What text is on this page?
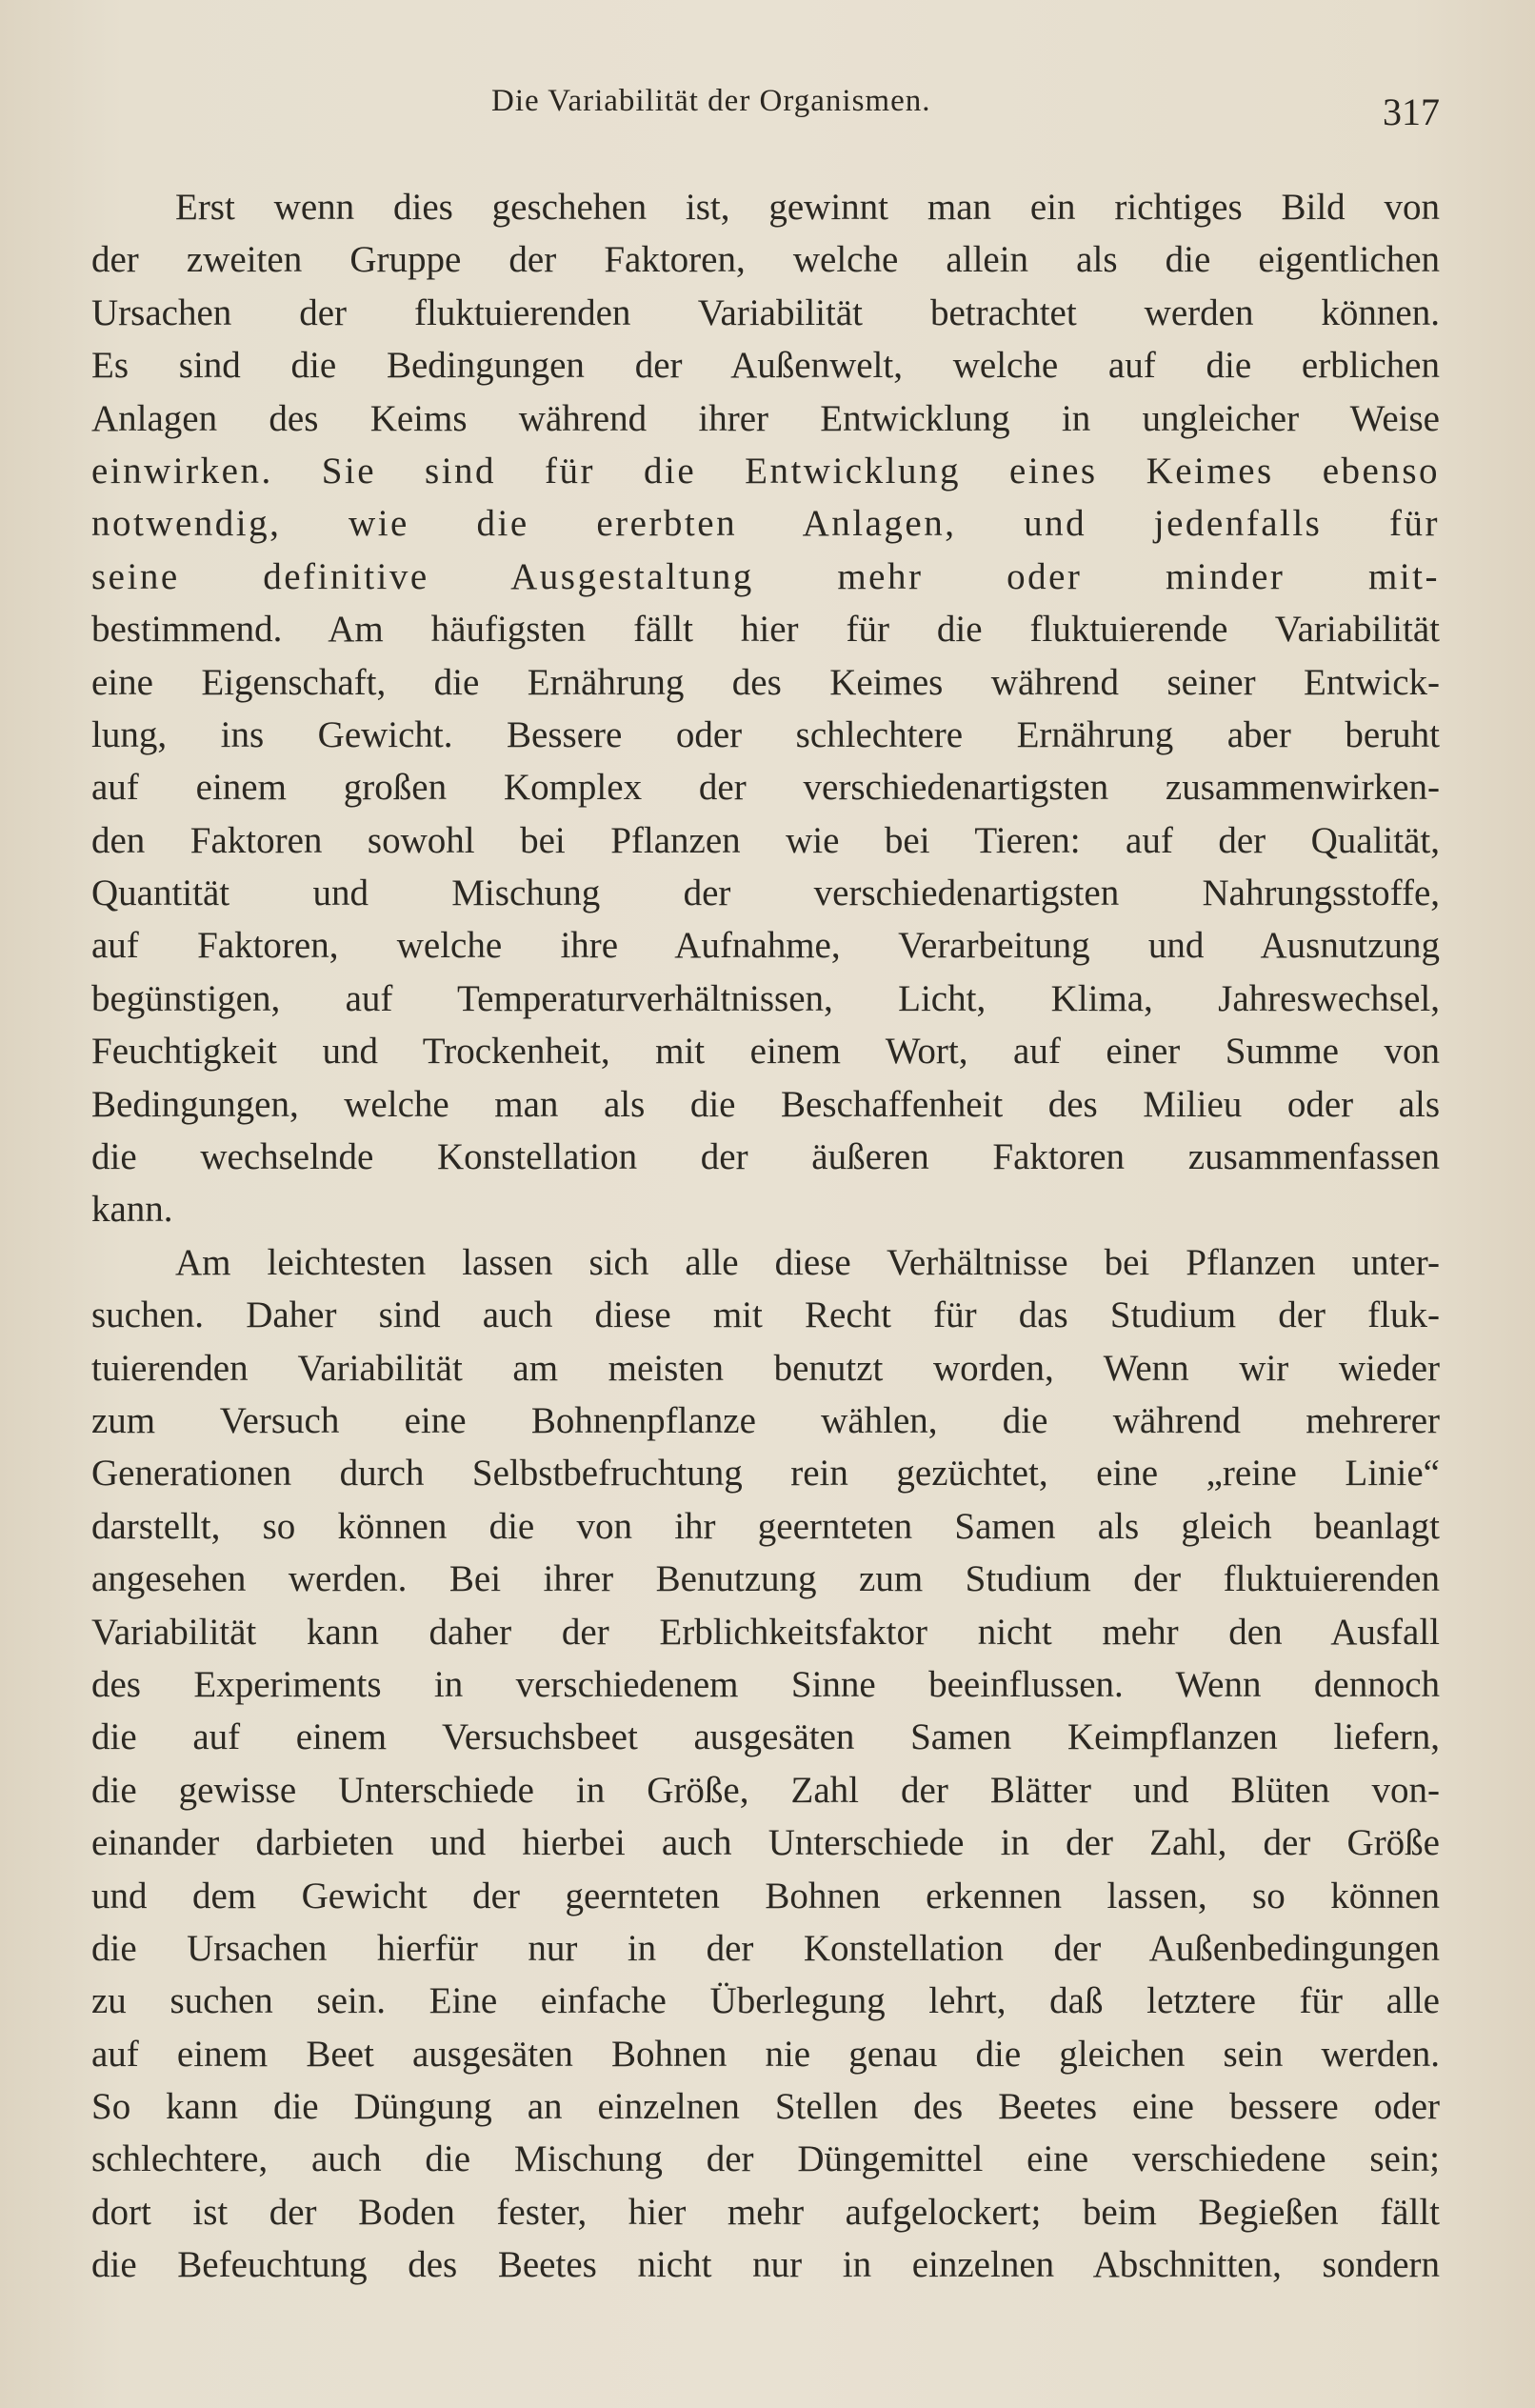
Die Variabilität der Organismen.	317
Erst wenn dies geschehen ist, gewinnt man ein richtiges Bild von
der zweiten Gruppe der Faktoren, welche allein als die eigentlichen
Ursachen der fluktuierenden Variabilität betrachtet werden können.
Es sind die Bedingungen der Außenwelt, welche auf die erblichen
Anlagen des Keims während ihrer Entwicklung in ungleicher Weise
einwirken. Sie sind für die Entwicklung eines Keimes ebenso
notwendig, wie die ererbten Anlagen, und jedenfalls für
seine definitive Ausgestaltung mehr oder minder mit-
bestimmend. Am häufigsten fällt hier für die fluktuierende Variabilität
eine Eigenschaft, die Ernährung des Keimes während seiner Entwick-
lung, ins Gewicht. Bessere oder schlechtere Ernährung aber beruht
auf einem großen Komplex der verschiedenartigsten zusammenwirken-
den Faktoren sowohl bei Pflanzen wie bei Tieren: auf der Qualität,
Quantität und Mischung der verschiedenartigsten Nahrungsstoffe,
auf Faktoren, welche ihre Aufnahme, Verarbeitung und Ausnutzung
begünstigen, auf Temperaturverhältnissen, Licht, Klima, Jahreswechsel,
Feuchtigkeit und Trockenheit, mit einem Wort, auf einer Summe von
Bedingungen, welche man als die Beschaffenheit des Milieu oder als
die wechselnde Konstellation der äußeren Faktoren zusammenfassen
kann.
Am leichtesten lassen sich alle diese Verhältnisse bei Pflanzen unter-
suchen. Daher sind auch diese mit Recht für das Studium der fluk-
tuierenden Variabilität am meisten benutzt worden, Wenn wir wieder
zum Versuch eine Bohnenpflanze wählen, die während mehrerer
Generationen durch Selbstbefruchtung rein gezüchtet, eine „reine Linie“
darstellt, so können die von ihr geernteten Samen als gleich beanlagt
angesehen werden. Bei ihrer Benutzung zum Studium der fluktuierenden
Variabilität kann daher der Erblichkeitsfaktor nicht mehr den Ausfall
des Experiments in verschiedenem Sinne beeinflussen. Wenn dennoch
die auf einem Versuchsbeet ausgesäten Samen Keimpflanzen liefern,
die gewisse Unterschiede in Größe, Zahl der Blätter und Blüten von-
einander darbieten und hierbei auch Unterschiede in der Zahl, der Größe
und dem Gewicht der geernteten Bohnen erkennen lassen, so können
die Ursachen hierfür nur in der Konstellation der Außenbedingungen
zu suchen sein. Eine einfache Überlegung lehrt, daß letztere für alle
auf einem Beet ausgesäten Bohnen nie genau die gleichen sein werden.
So kann die Düngung an einzelnen Stellen des Beetes eine bessere oder
schlechtere, auch die Mischung der Düngemittel eine verschiedene sein;
dort ist der Boden fester, hier mehr aufgelockert; beim Begießen fällt
die Befeuchtung des Beetes nicht nur in einzelnen Abschnitten, sondern
